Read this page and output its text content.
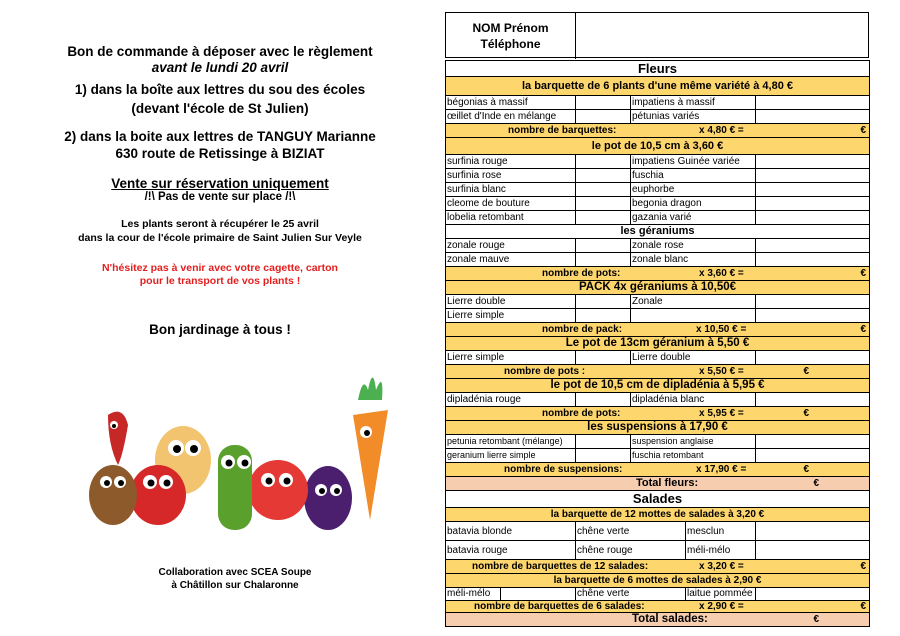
Bon de commande à déposer avec le règlement
avant le lundi 20 avril
1) dans la boîte aux lettres du sou des écoles
(devant l'école de St Julien)
2) dans la boite aux lettres de TANGUY Marianne
630 route de Retissinge à BIZIAT
Vente sur réservation uniquement
/!\ Pas de vente sur place /!\
Les plants seront à récupérer le 25 avril
dans la cour de l'école primaire de Saint Julien Sur Veyle
N'hésitez pas à venir avec votre cagette, carton
pour le transport de vos plants !
Bon jardinage à tous !
Collaboration avec SCEA Soupe
à Châtillon sur Chalaronne
NOM Prénom
Téléphone
Fleurs
la barquette de 6 plants d'une même variété à 4,80 €
bégonias à massif	impatiens à massif
œillet d'Inde en mélange	pétunias variés
nombre de barquettes:	x 4,80 € =	€
le pot de 10,5 cm à 3,60 €
surfinia rouge	impatiens Guinée variée
surfinia rose	fuschia
surfinia blanc	euphorbe
cleome de bouture	begonia dragon
lobelia retombant	gazania varié
les géraniums
zonale rouge	zonale rose
zonale mauve	zonale blanc
nombre de pots:	x 3,60 € =	€
PACK 4x géraniums à 10,50€
Lierre double	Zonale
Lierre simple
nombre de pack:	x 10,50 € =	€
Le pot de 13cm géranium à 5,50 €
Lierre simple	Lierre double
nombre de pots :	x 5,50 € =	€
le pot de 10,5 cm de dipladénia à 5,95 €
dipladénia rouge	dipladénia blanc
nombre de pots:	x 5,95 € =	€
les suspensions à 17,90 €
petunia retombant (mélange)	suspension anglaise
geranium lierre simple	fuschia retombant
nombre de suspensions:	x 17,90 € =	€
Total fleurs:	€
Salades
la barquette de 12 mottes de salades à 3,20 €
batavia blonde	chêne verte	mesclun
batavia rouge	chêne rouge	méli-mélo
nombre de barquettes de 12 salades:	x 3,20 € =	€
la barquette de 6 mottes de salades à 2,90 €
méli-mélo	chêne verte	laitue pommée
nombre de barquettes de 6 salades:	x 2,90 € =	€
Total salades:	€
